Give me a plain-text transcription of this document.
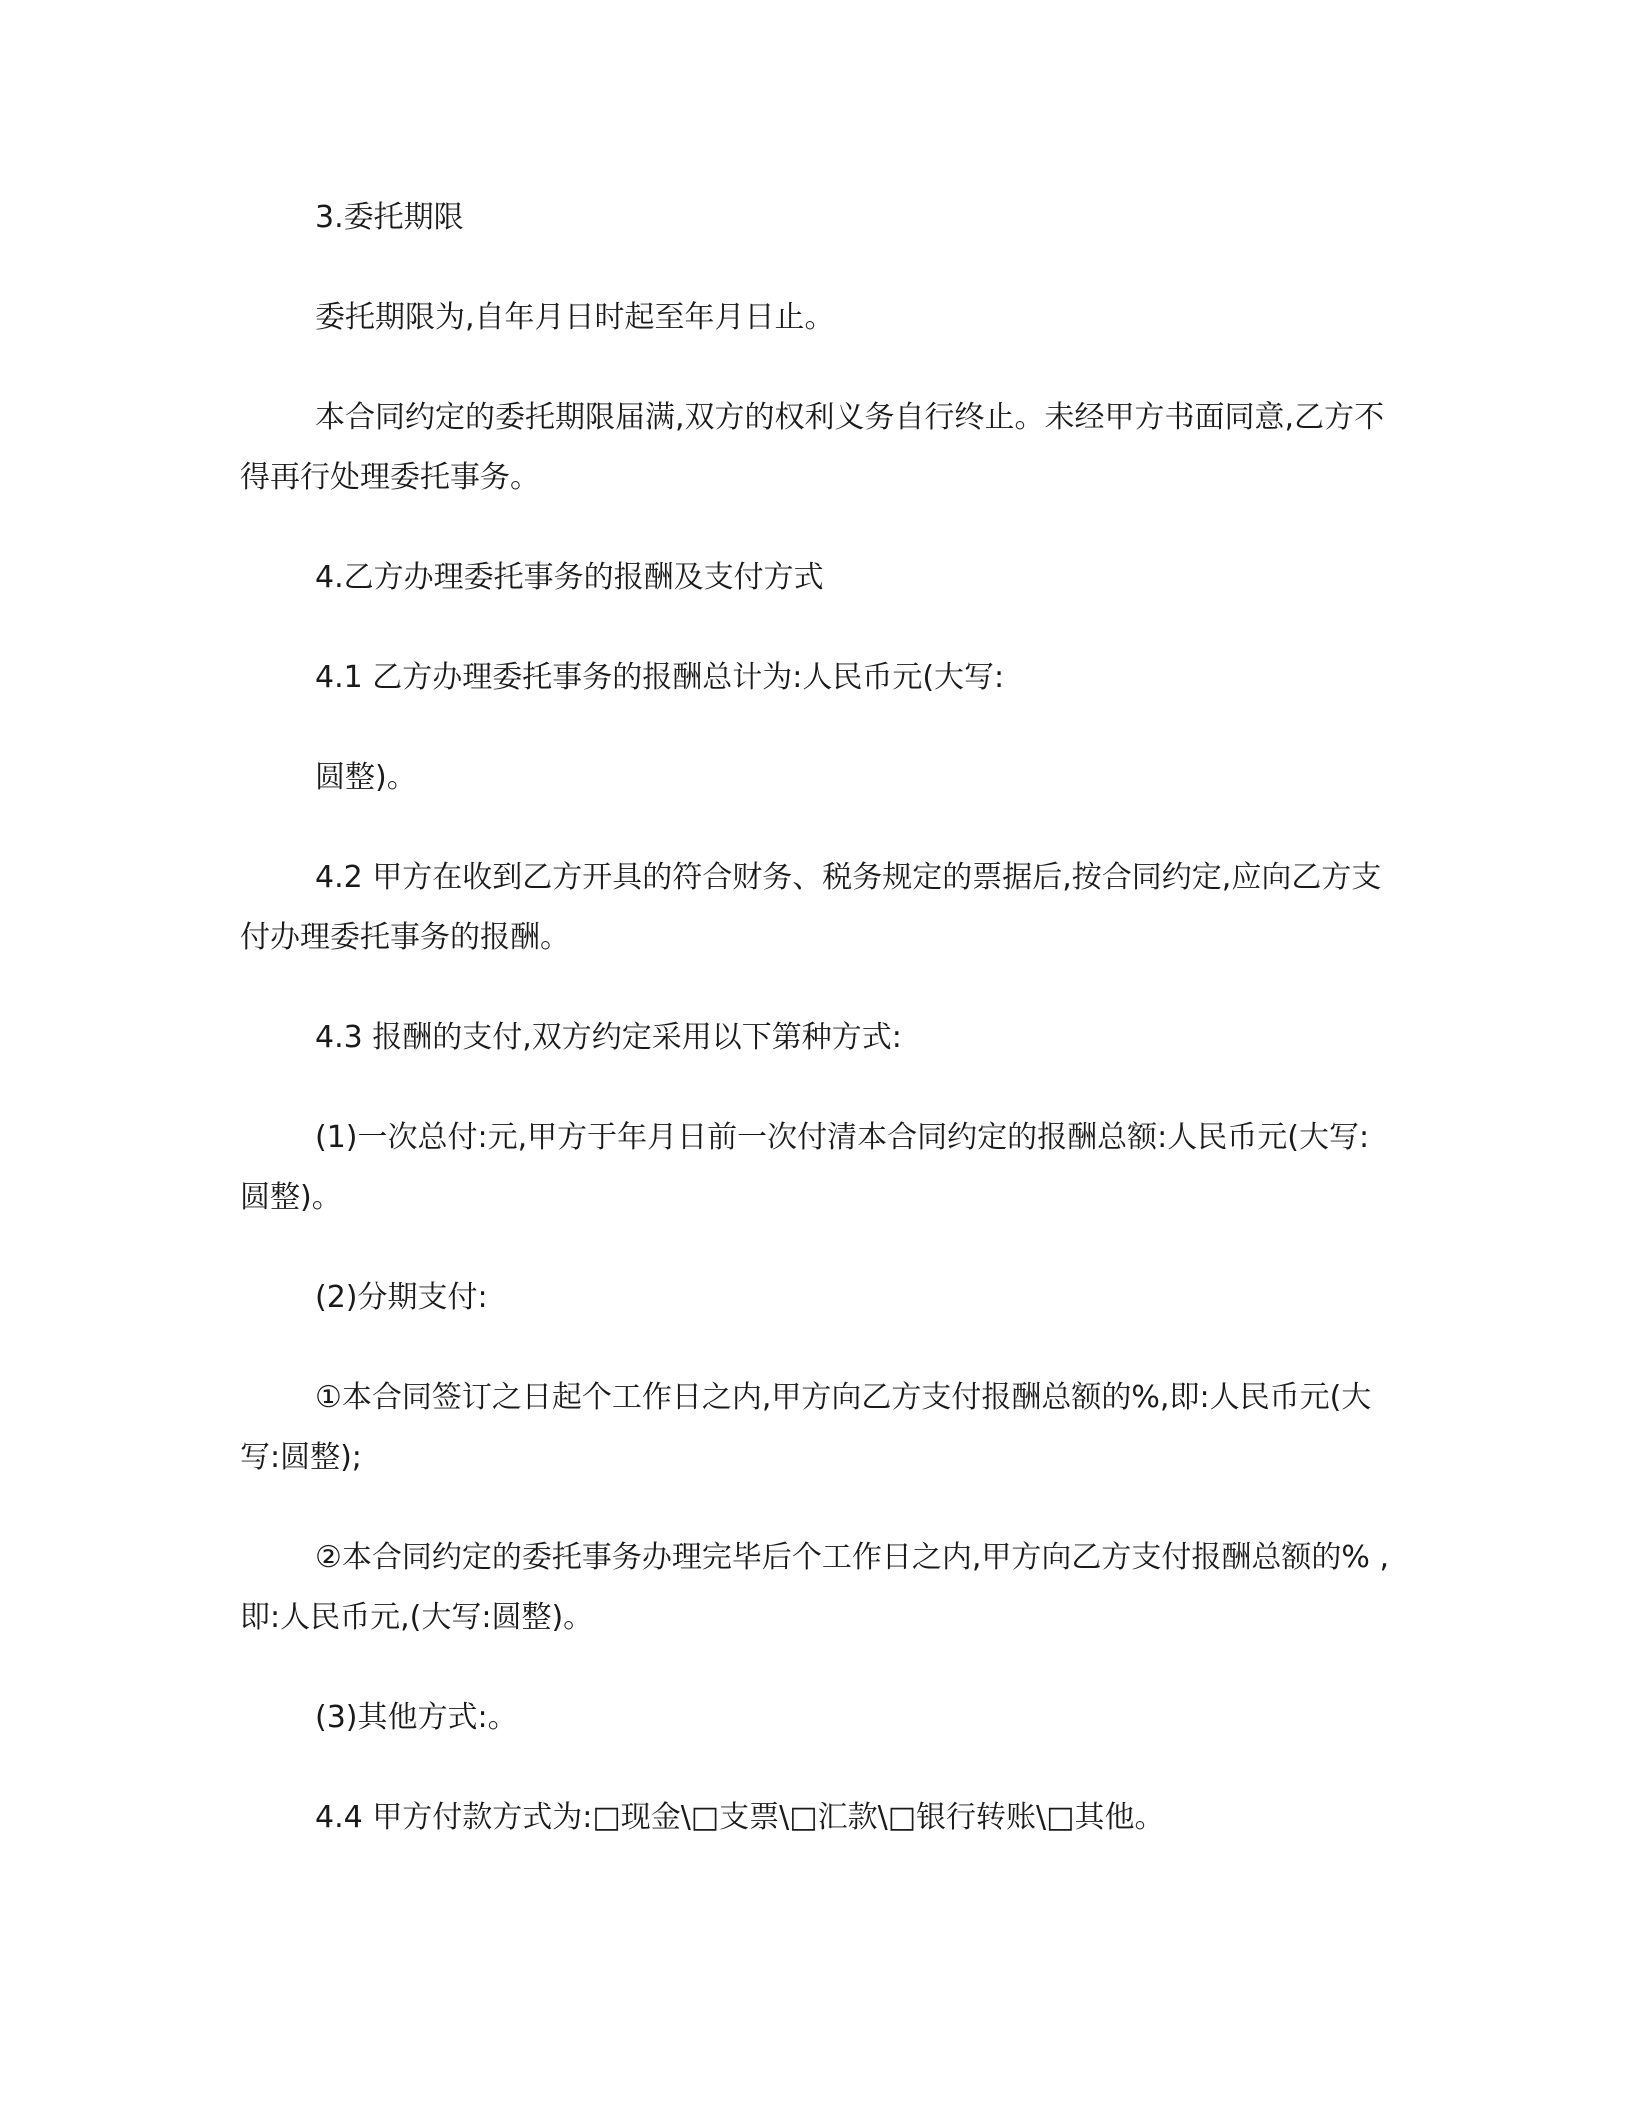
3.委托期限
委托期限为,自年月日时起至年月日止。
本合同约定的委托期限届满,双方的权利义务自行终止。未经甲方书面同意,乙方不得再行处理委托事务。
4.乙方办理委托事务的报酬及支付方式
4.1 乙方办理委托事务的报酬总计为:人民币元(大写:
圆整)。
4.2 甲方在收到乙方开具的符合财务、税务规定的票据后,按合同约定,应向乙方支付办理委托事务的报酬。
4.3 报酬的支付,双方约定采用以下第种方式:
(1)一次总付:元,甲方于年月日前一次付清本合同约定的报酬总额:人民币元(大写:圆整)。
(2)分期支付:
①本合同签订之日起个工作日之内,甲方向乙方支付报酬总额的%,即:人民币元(大写:圆整);
②本合同约定的委托事务办理完毕后个工作日之内,甲方向乙方支付报酬总额的% ,即:人民币元,(大写:圆整)。
(3)其他方式:。
4.4 甲方付款方式为:□现金\□支票\□汇款\□银行转账\□其他。
